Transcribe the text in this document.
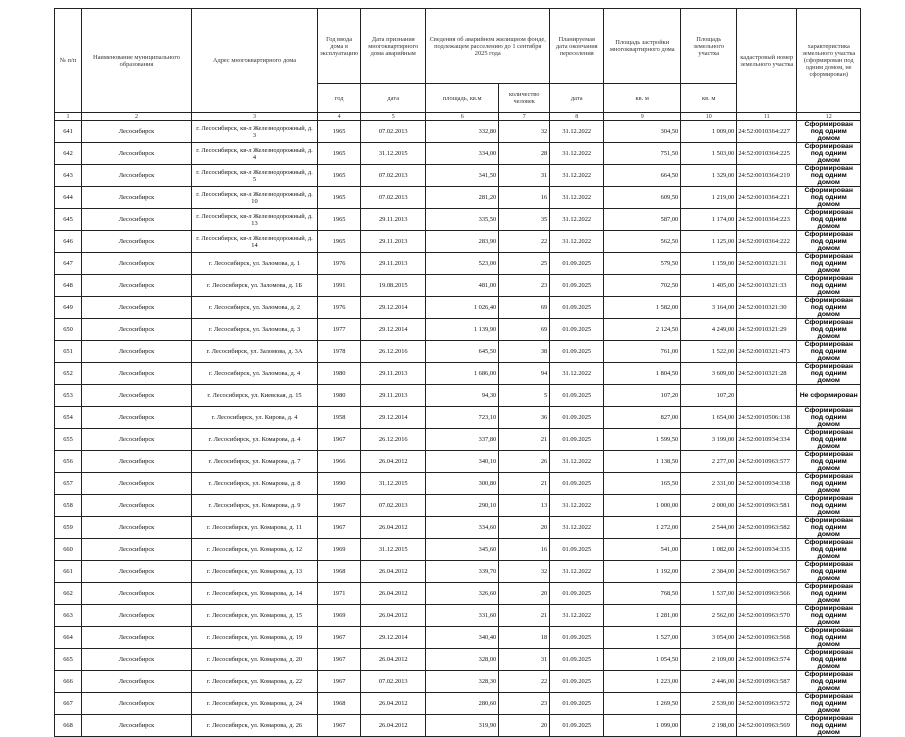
№ п/п	Наименование муниципального образования	Адрес многоквартирного дома	Год ввода дома в эксплуатацию	Дата признания многоквартирного дома аварийным	Сведения об аварийном жилищном фонде, подлежащем расселению до 1 сентября 2025 года		Планируемая дата окончания переселения	Площадь застройки многоквартирного дома	Площадь земельного участка	кадастровый номер земельного участка	характеристика земельного участка (сформирован под одним домом, не сформирован)
			год	дата	площадь, кв.м	количество человек	дата	кв. м	кв. м		
1	2	3	4	5	6	7	8	9	10	11	12
641	Лесосибирск	г. Лесосибирск, кв-л Железнодорожный, д. 3	1965	07.02.2013	332,80	32	31.12.2022	304,50	1 009,00	24:52:0010364:227	Сформирован под одним домом
642	Лесосибирск	г. Лесосибирск, кв-л Железнодорожный, д. 4	1965	31.12.2015	334,00	28	31.12.2022	751,50	1 503,00	24:52:0010364:225	Сформирован под одним домом
643	Лесосибирск	г. Лесосибирск, кв-л Железнодорожный, д. 5	1965	07.02.2013	341,50	31	31.12.2022	664,50	1 329,00	24:52:0010364:219	Сформирован под одним домом
644	Лесосибирск	г. Лесосибирск, кв-л Железнодорожный, д. 10	1965	07.02.2013	281,20	16	31.12.2022	609,50	1 219,00	24:52:0010364:221	Сформирован под одним домом
645	Лесосибирск	г. Лесосибирск, кв-л Железнодорожный, д. 13	1965	29.11.2013	335,50	35	31.12.2022	587,00	1 174,00	24:52:0010364:223	Сформирован под одним домом
646	Лесосибирск	г. Лесосибирск, кв-л Железнодорожный, д. 14	1965	29.11.2013	283,90	22	31.12.2022	562,50	1 125,00	24:52:0010364:222	Сформирован под одним домом
647	Лесосибирск	г. Лесосибирск, ул. Заломова, д. 1	1976	29.11.2013	523,00	25	01.09.2025	579,50	1 159,00	24:52:0010321:31	Сформирован под одним домом
648	Лесосибирск	г. Лесосибирск, ул. Заломова, д. 1Б	1991	19.08.2015	481,00	23	01.09.2025	702,50	1 405,00	24:52:0010321:33	Сформирован под одним домом
649	Лесосибирск	г. Лесосибирск, ул. Заломова, д. 2	1976	29.12.2014	1 026,40	69	01.09.2025	1 582,00	3 164,00	24:52:0010321:30	Сформирован под одним домом
650	Лесосибирск	г. Лесосибирск, ул. Заломова, д. 3	1977	29.12.2014	1 139,90	69	01.09.2025	2 124,50	4 249,00	24:52:0010321:29	Сформирован под одним домом
651	Лесосибирск	г. Лесосибирск, ул. Заломова, д. 3А	1978	26.12.2016	645,50	38	01.09.2025	761,00	1 522,00	24:52:0010321:473	Сформирован под одним домом
652	Лесосибирск	г. Лесосибирск, ул. Заломова, д. 4	1980	29.11.2013	1 686,00	94	31.12.2022	1 804,50	3 609,00	24:52:0010321:28	Сформирован под одним домом
653	Лесосибирск	г. Лесосибирск, ул. Киевская, д. 15	1980	29.11.2013	94,30	5	01.09.2025	107,20	107,20		Не сформирован
654	Лесосибирск	г. Лесосибирск, ул. Кирова, д. 4	1958	29.12.2014	723,10	36	01.09.2025	827,00	1 654,00	24:52:0010506:138	Сформирован под одним домом
655	Лесосибирск	г. Лесосибирск, ул. Комарова, д. 4	1967	26.12.2016	337,80	21	01.09.2025	1 599,50	3 199,00	24:52:0010934:334	Сформирован под одним домом
656	Лесосибирск	г. Лесосибирск, ул. Комарова, д. 7	1966	26.04.2012	340,10	26	31.12.2022	1 138,50	2 277,00	24:52:0010963:577	Сформирован под одним домом
657	Лесосибирск	г. Лесосибирск, ул. Комарова, д. 8	1990	31.12.2015	300,80	21	01.09.2025	165,50	2 331,00	24:52:0010934:338	Сформирован под одним домом
658	Лесосибирск	г. Лесосибирск, ул. Комарова, д. 9	1967	07.02.2013	290,10	13	31.12.2022	1 000,00	2 000,00	24:52:0010963:581	Сформирован под одним домом
659	Лесосибирск	г. Лесосибирск, ул. Комарова, д. 11	1967	26.04.2012	334,60	20	31.12.2022	1 272,00	2 544,00	24:52:0010963:582	Сформирован под одним домом
660	Лесосибирск	г. Лесосибирск, ул. Комарова, д. 12	1969	31.12.2015	345,60	16	01.09.2025	541,00	1 082,00	24:52:0010934:335	Сформирован под одним домом
661	Лесосибирск	г. Лесосибирск, ул. Комарова, д. 13	1968	26.04.2012	339,70	32	31.12.2022	1 192,00	2 384,00	24:52:0010963:567	Сформирован под одним домом
662	Лесосибирск	г. Лесосибирск, ул. Комарова, д. 14	1971	26.04.2012	326,60	20	01.09.2025	768,50	1 537,00	24:52:0010963:566	Сформирован под одним домом
663	Лесосибирск	г. Лесосибирск, ул. Комарова, д. 15	1969	26.04.2012	331,60	21	31.12.2022	1 281,00	2 562,00	24:52:0010963:570	Сформирован под одним домом
664	Лесосибирск	г. Лесосибирск, ул. Комарова, д. 19	1967	29.12.2014	340,40	18	01.09.2025	1 527,00	3 054,00	24:52:0010963:568	Сформирован под одним домом
665	Лесосибирск	г. Лесосибирск, ул. Комарова, д. 20	1967	26.04.2012	328,00	31	01.09.2025	1 054,50	2 109,00	24:52:0010963:574	Сформирован под одним домом
666	Лесосибирск	г. Лесосибирск, ул. Комарова, д. 22	1967	07.02.2013	328,30	22	01.09.2025	1 223,00	2 446,00	24:52:0010963:587	Сформирован под одним домом
667	Лесосибирск	г. Лесосибирск, ул. Комарова, д. 24	1968	26.04.2012	280,60	23	01.09.2025	1 269,50	2 539,00	24:52:0010963:572	Сформирован под одним домом
668	Лесосибирск	г. Лесосибирск, ул. Комарова, д. 26	1967	26.04.2012	319,90	20	01.09.2025	1 099,00	2 198,00	24:52:0010963:569	Сформирован под одним домом
